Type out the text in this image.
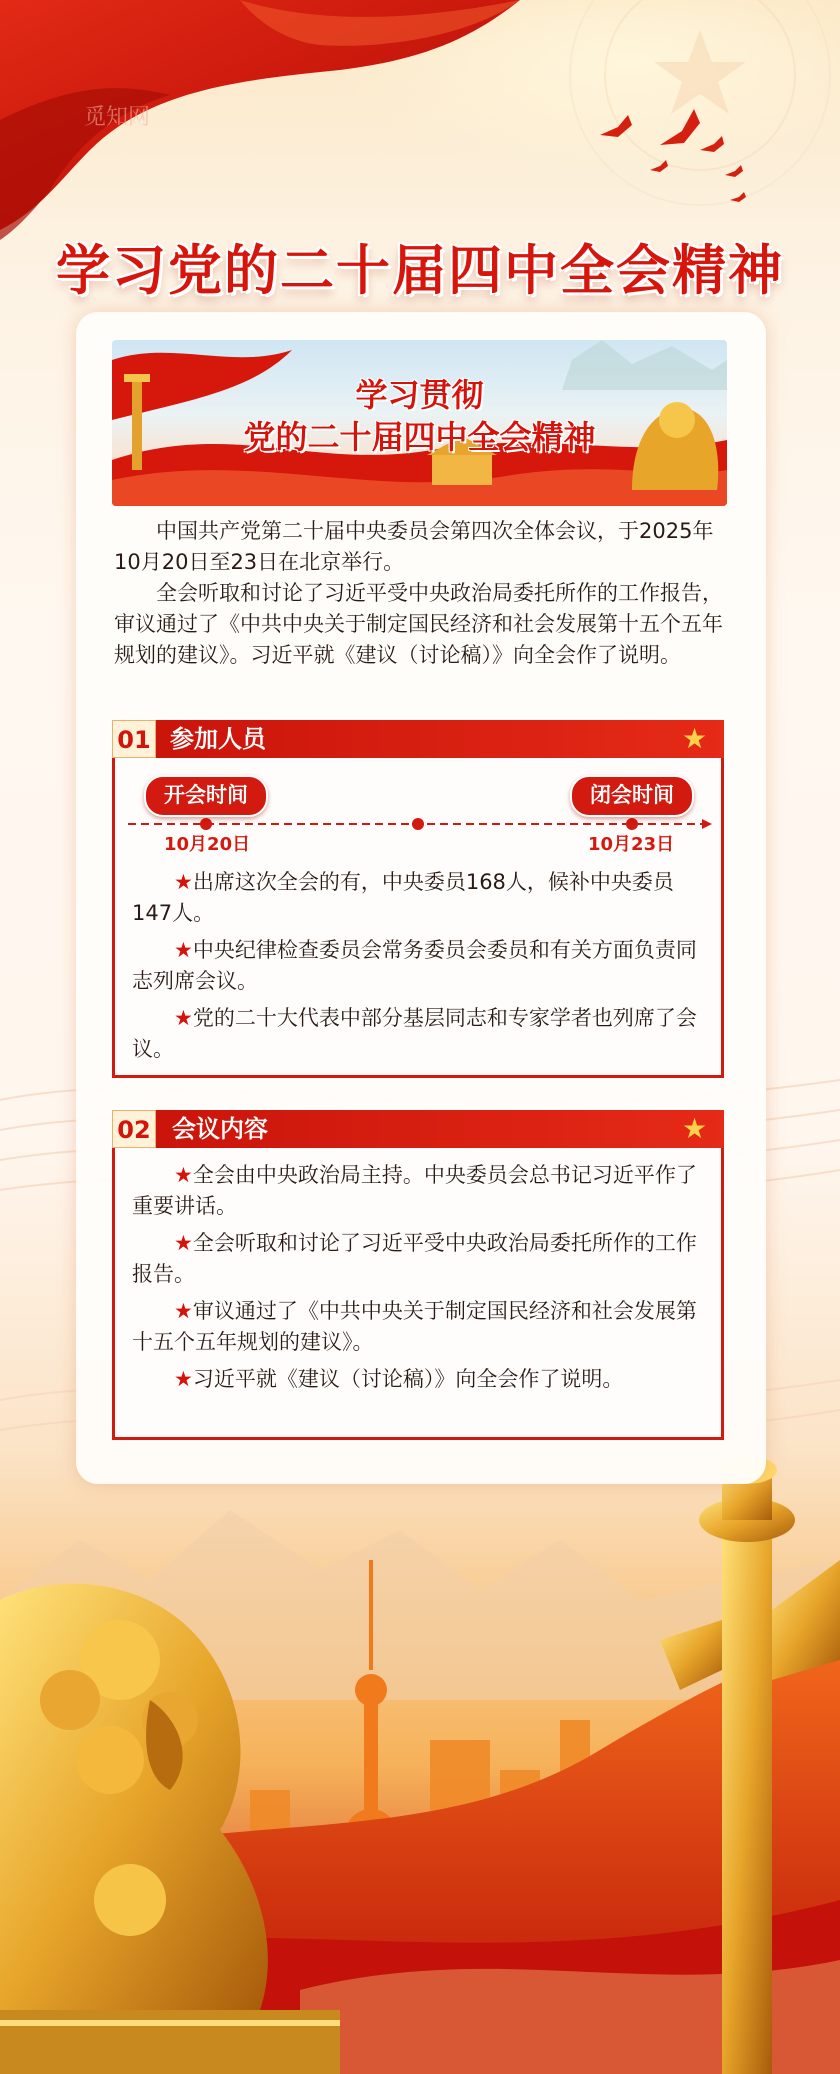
学习党的二十届四中全会精神
学习贯彻
党的二十届四中全会精神

中国共产党第二十届中央委员会第四次全体会议，于2025年10月20日至23日在北京举行。

全会听取和讨论了习近平受中央政治局委托所作的工作报告，审议通过了《中共中央关于制定国民经济和社会发展第十五个五年规划的建议》。习近平就《建议（讨论稿）》向全会作了说明。

01 参加人员	★
开会时间	闭会时间
10月20日	10月23日

★出席这次全会的有，中央委员168人，候补中央委员147人。

★中央纪律检查委员会常务委员会委员和有关方面负责同志列席会议。

★党的二十大代表中部分基层同志和专家学者也列席了会议。

02 会议内容	★

★全会由中央政治局主持。中央委员会总书记习近平作了重要讲话。

★全会听取和讨论了习近平受中央政治局委托所作的工作报告。

★审议通过了《中共中央关于制定国民经济和社会发展第十五个五年规划的建议》。

★习近平就《建议（讨论稿）》向全会作了说明。

觅知网
